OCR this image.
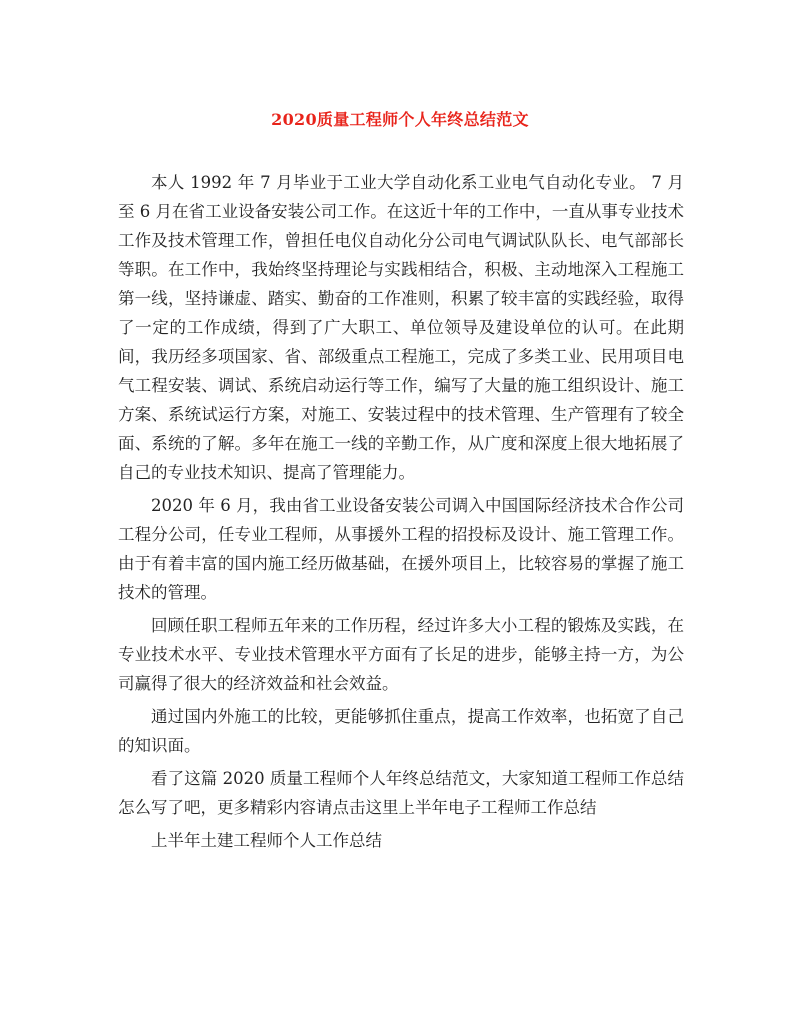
2020质量工程师个人年终总结范文

本人 1992 年 7 月毕业于工业大学自动化系工业电气自动化专业。 7 月至 6 月在省工业设备安装公司工作。在这近十年的工作中，一直从事专业技术工作及技术管理工作，曾担任电仪自动化分公司电气调试队队长、电气部部长等职。在工作中，我始终坚持理论与实践相结合，积极、主动地深入工程施工第一线，坚持谦虚、踏实、勤奋的工作准则，积累了较丰富的实践经验，取得了一定的工作成绩，得到了广大职工、单位领导及建设单位的认可。在此期间，我历经多项国家、省、部级重点工程施工，完成了多类工业、民用项目电气工程安装、调试、系统启动运行等工作，编写了大量的施工组织设计、施工方案、系统试运行方案，对施工、安装过程中的技术管理、生产管理有了较全面、系统的了解。多年在施工一线的辛勤工作，从广度和深度上很大地拓展了自己的专业技术知识、提高了管理能力。

2020 年 6 月，我由省工业设备安装公司调入中国国际经济技术合作公司工程分公司，任专业工程师，从事援外工程的招投标及设计、施工管理工作。由于有着丰富的国内施工经历做基础，在援外项目上，比较容易的掌握了施工技术的管理。

回顾任职工程师五年来的工作历程，经过许多大小工程的锻炼及实践，在专业技术水平、专业技术管理水平方面有了长足的进步，能够主持一方，为公司赢得了很大的经济效益和社会效益。

通过国内外施工的比较，更能够抓住重点，提高工作效率，也拓宽了自己的知识面。

看了这篇 2020 质量工程师个人年终总结范文，大家知道工程师工作总结怎么写了吧，更多精彩内容请点击这里上半年电子工程师工作总结

上半年土建工程师个人工作总结
